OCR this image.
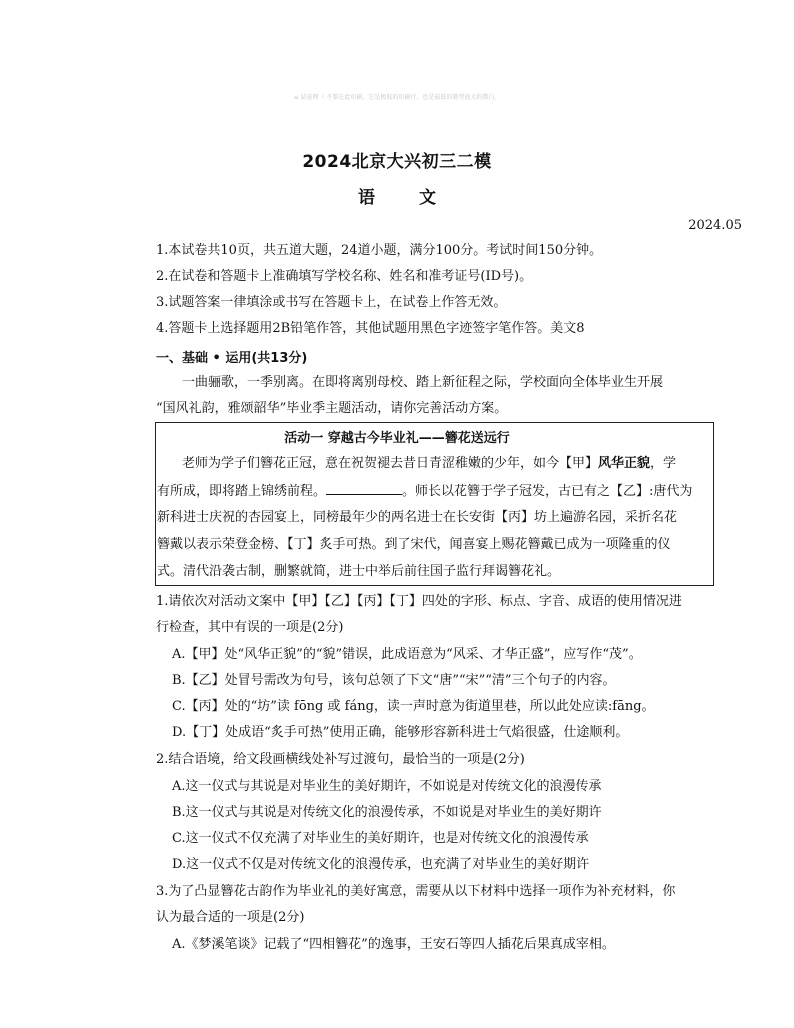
≡ 試卷网（ 不要在此印刷，它是极低的印刷行。也是最低的微型放大的微白。
2024北京大兴初三二模
语 文
2024.05
1.本试卷共10页，共五道大题，24道小题，满分100分。考试时间150分钟。
2.在试卷和答题卡上准确填写学校名称、姓名和准考证号(ID号)。
3.试题答案一律填涂或书写在答题卡上，在试卷上作答无效。
4.答题卡上选择题用2B铅笔作答，其他试题用黑色字迹签字笔作答。美文8
一、基础 • 运用(共13分)
一曲骊歌，一季别离。在即将离别母校、踏上新征程之际，学校面向全体毕业生开展
“国风礼韵，雅颂韶华”毕业季主题活动，请你完善活动方案。
活动一 穿越古今毕业礼——簪花送远行
老师为学子们簪花正冠，意在祝贺褪去昔日青涩稚嫩的少年，如今【甲】风华正貌，学
有所成，即将踏上锦绣前程。	。师长以花簪于学子冠发，古已有之【乙】:唐代为
新科进士庆祝的杏园宴上，同榜最年少的两名进士在长安街【丙】坊上遍游名园，采折名花
簪戴以表示荣登金榜、【丁】炙手可热。到了宋代，闻喜宴上赐花簪戴已成为一项隆重的仪
式。清代沿袭古制，删繁就简，进士中举后前往国子监行拜谒簪花礼。
1.请依次对活动文案中【甲】【乙】【丙】【丁】四处的字形、标点、字音、成语的使用情况进
行检查，其中有误的一项是(2分)
A.【甲】处“风华正貌”的“貌”错误，此成语意为“风采、才华正盛”，应写作“茂”。
B.【乙】处冒号需改为句号，该句总领了下文“唐”“宋”“清”三个句子的内容。
C.【丙】处的“坊”读 fōng 或 fáng，读一声时意为街道里巷，所以此处应读:fāng。
D.【丁】处成语“炙手可热”使用正确，能够形容新科进士气焰很盛，仕途顺利。
2.结合语境，给文段画横线处补写过渡句，最恰当的一项是(2分)
A.这一仪式与其说是对毕业生的美好期许，不如说是对传统文化的浪漫传承
B.这一仪式与其说是对传统文化的浪漫传承，不如说是对毕业生的美好期许
C.这一仪式不仅充满了对毕业生的美好期许，也是对传统文化的浪漫传承
D.这一仪式不仅是对传统文化的浪漫传承，也充满了对毕业生的美好期许
3.为了凸显簪花古韵作为毕业礼的美好寓意，需要从以下材料中选择一项作为补充材料，你
认为最合适的一项是(2分)
A.《梦溪笔谈》记载了“四相簪花”的逸事，王安石等四人插花后果真成宰相。
